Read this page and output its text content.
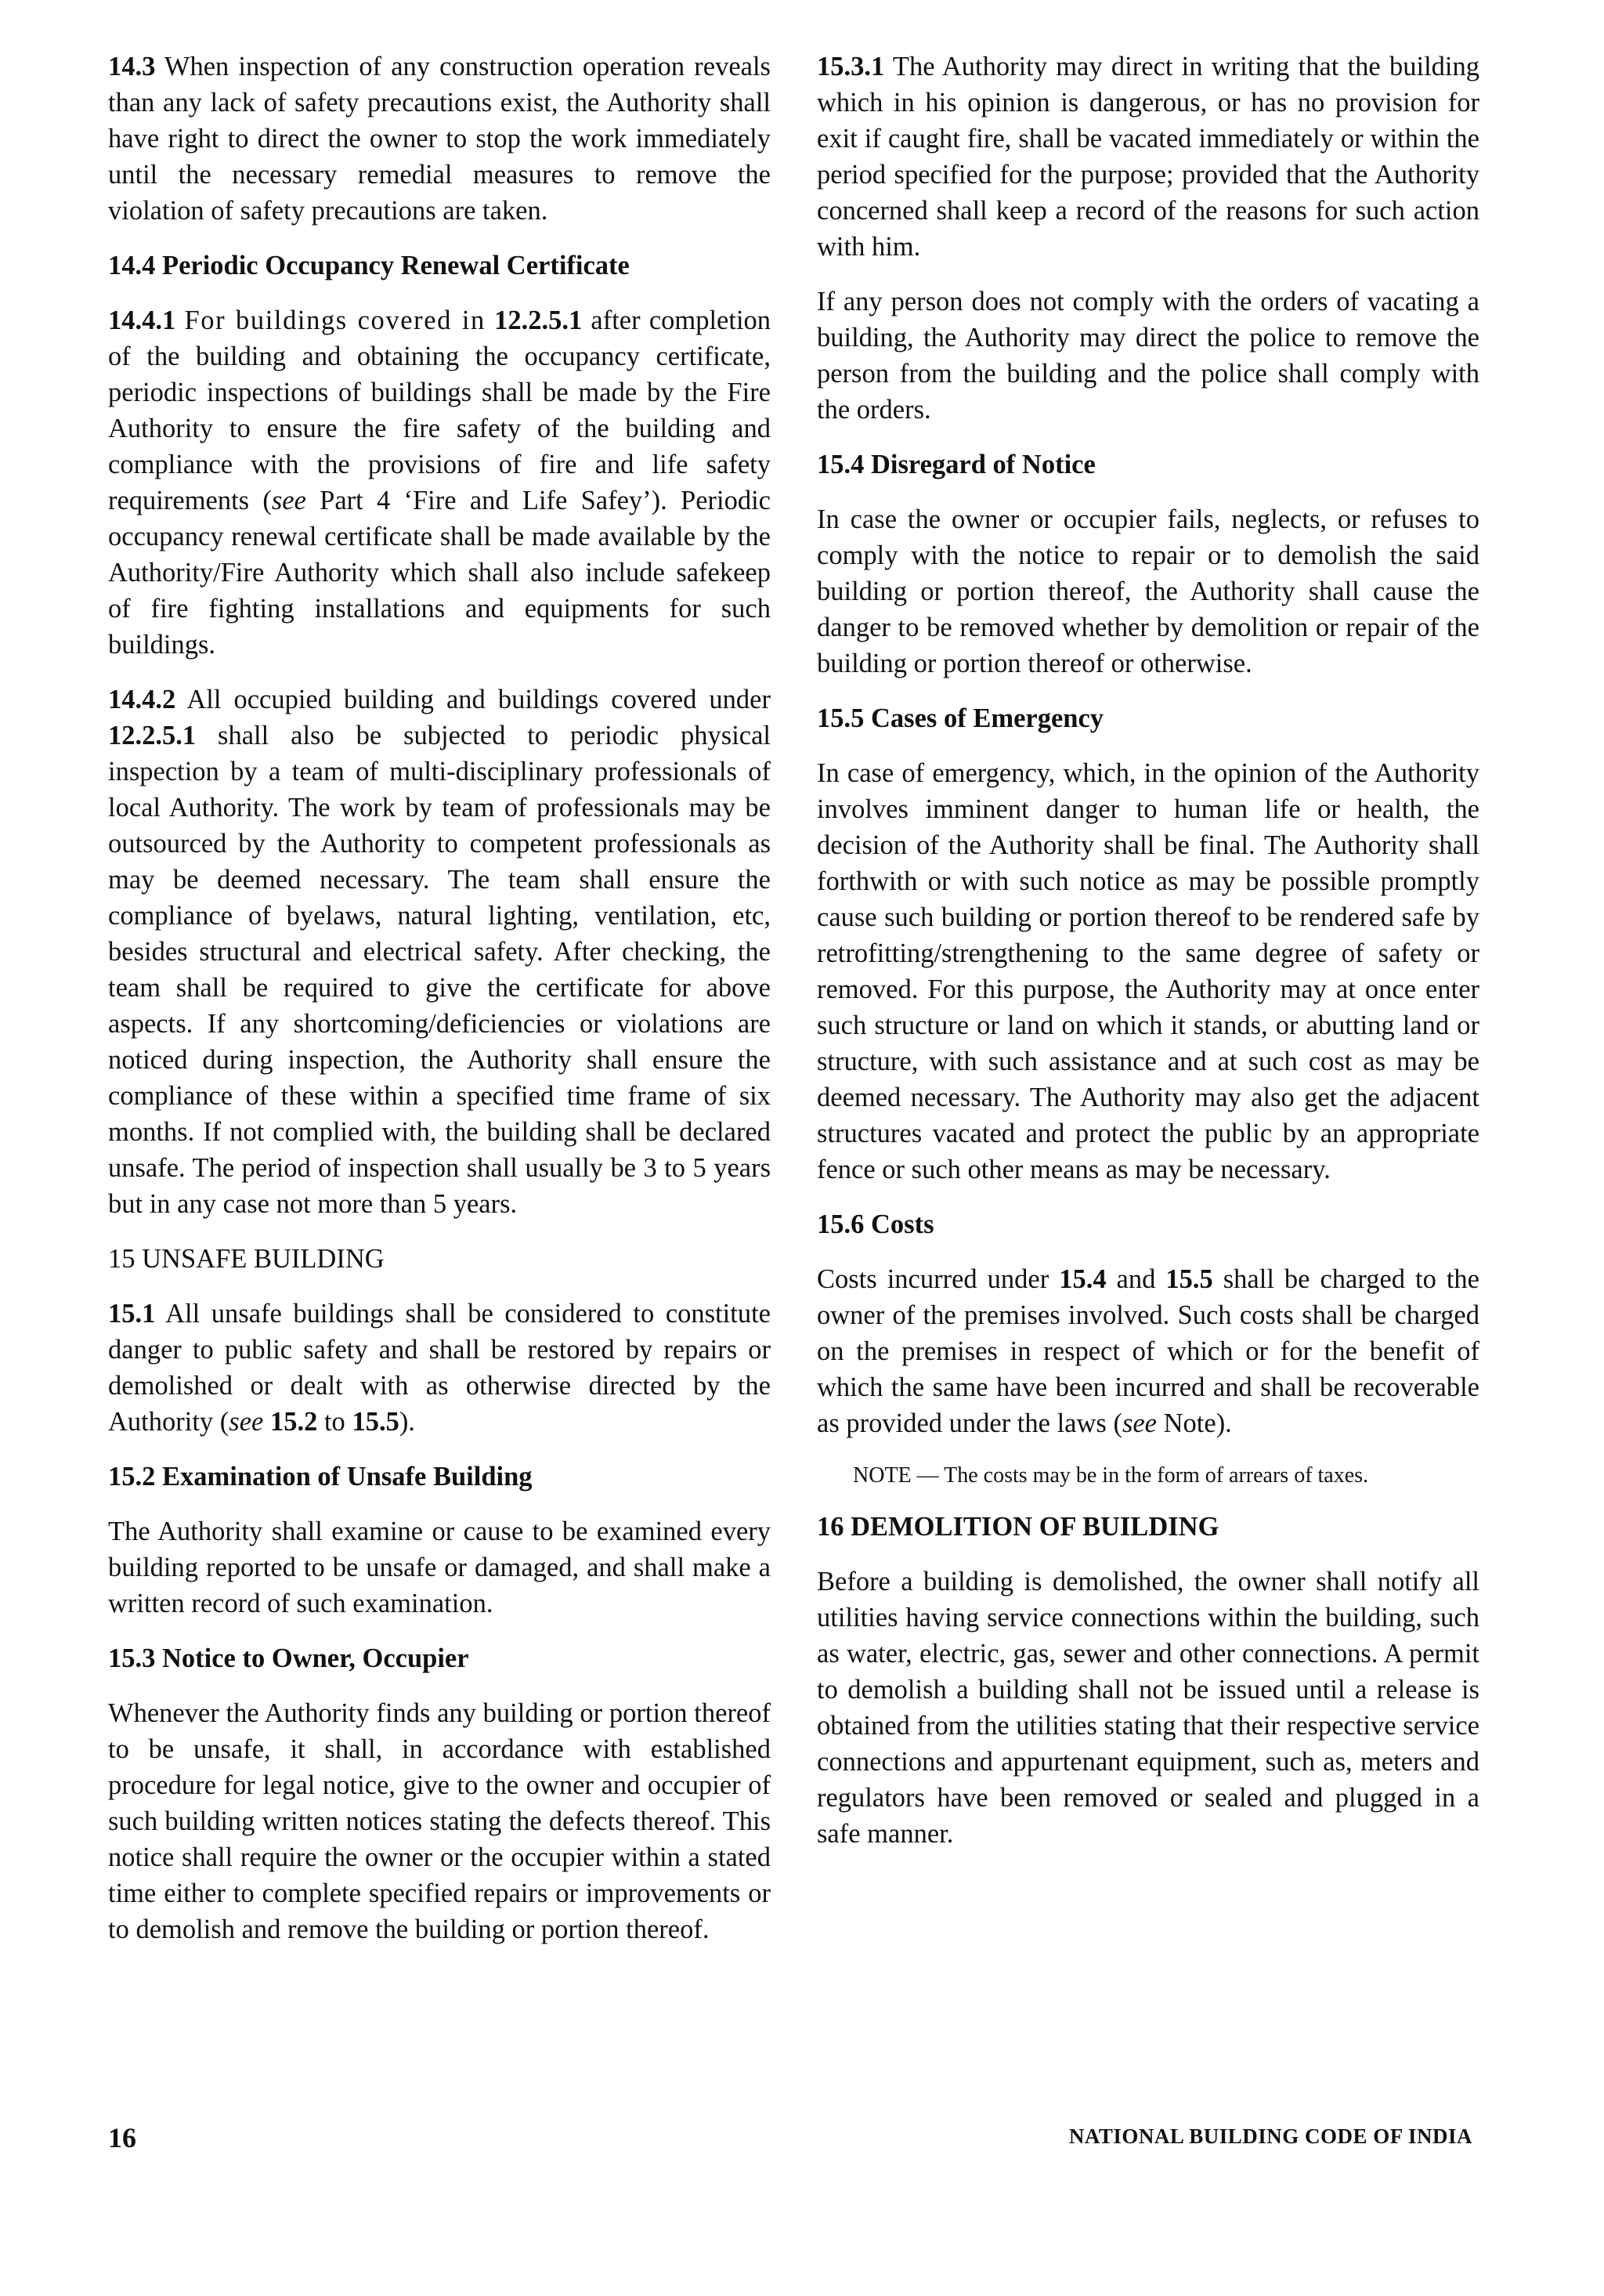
14.3 When inspection of any construction operation reveals than any lack of safety precautions exist, the Authority shall have right to direct the owner to stop the work immediately until the necessary remedial measures to remove the violation of safety precautions are taken.

14.4 Periodic Occupancy Renewal Certificate

14.4.1 For buildings covered in 12.2.5.1 after completion of the building and obtaining the occupancy certificate, periodic inspections of buildings shall be made by the Fire Authority to ensure the fire safety of the building and compliance with the provisions of fire and life safety requirements (see Part 4 ‘Fire and Life Safey’). Periodic occupancy renewal certificate shall be made available by the Authority/Fire Authority which shall also include safekeep of fire fighting installations and equipments for such buildings.

14.4.2 All occupied building and buildings covered under 12.2.5.1 shall also be subjected to periodic physical inspection by a team of multi-disciplinary professionals of local Authority. The work by team of professionals may be outsourced by the Authority to competent professionals as may be deemed necessary. The team shall ensure the compliance of byelaws, natural lighting, ventilation, etc, besides structural and electrical safety. After checking, the team shall be required to give the certificate for above aspects. If any shortcoming/deficiencies or violations are noticed during inspection, the Authority shall ensure the compliance of these within a specified time frame of six months. If not complied with, the building shall be declared unsafe. The period of inspection shall usually be 3 to 5 years but in any case not more than 5 years.

15 UNSAFE BUILDING

15.1 All unsafe buildings shall be considered to constitute danger to public safety and shall be restored by repairs or demolished or dealt with as otherwise directed by the Authority (see 15.2 to 15.5).

15.2 Examination of Unsafe Building

The Authority shall examine or cause to be examined every building reported to be unsafe or damaged, and shall make a written record of such examination.

15.3 Notice to Owner, Occupier

Whenever the Authority finds any building or portion thereof to be unsafe, it shall, in accordance with established procedure for legal notice, give to the owner and occupier of such building written notices stating the defects thereof. This notice shall require the owner or the occupier within a stated time either to complete specified repairs or improvements or to demolish and remove the building or portion thereof.

15.3.1 The Authority may direct in writing that the building which in his opinion is dangerous, or has no provision for exit if caught fire, shall be vacated immediately or within the period specified for the purpose; provided that the Authority concerned shall keep a record of the reasons for such action with him.

If any person does not comply with the orders of vacating a building, the Authority may direct the police to remove the person from the building and the police shall comply with the orders.

15.4 Disregard of Notice

In case the owner or occupier fails, neglects, or refuses to comply with the notice to repair or to demolish the said building or portion thereof, the Authority shall cause the danger to be removed whether by demolition or repair of the building or portion thereof or otherwise.

15.5 Cases of Emergency

In case of emergency, which, in the opinion of the Authority involves imminent danger to human life or health, the decision of the Authority shall be final. The Authority shall forthwith or with such notice as may be possible promptly cause such building or portion thereof to be rendered safe by retrofitting/strengthening to the same degree of safety or removed. For this purpose, the Authority may at once enter such structure or land on which it stands, or abutting land or structure, with such assistance and at such cost as may be deemed necessary. The Authority may also get the adjacent structures vacated and protect the public by an appropriate fence or such other means as may be necessary.

15.6 Costs

Costs incurred under 15.4 and 15.5 shall be charged to the owner of the premises involved. Such costs shall be charged on the premises in respect of which or for the benefit of which the same have been incurred and shall be recoverable as provided under the laws (see Note).

NOTE — The costs may be in the form of arrears of taxes.

16 DEMOLITION OF BUILDING

Before a building is demolished, the owner shall notify all utilities having service connections within the building, such as water, electric, gas, sewer and other connections. A permit to demolish a building shall not be issued until a release is obtained from the utilities stating that their respective service connections and appurtenant equipment, such as, meters and regulators have been removed or sealed and plugged in a safe manner.

16	NATIONAL BUILDING CODE OF INDIA
